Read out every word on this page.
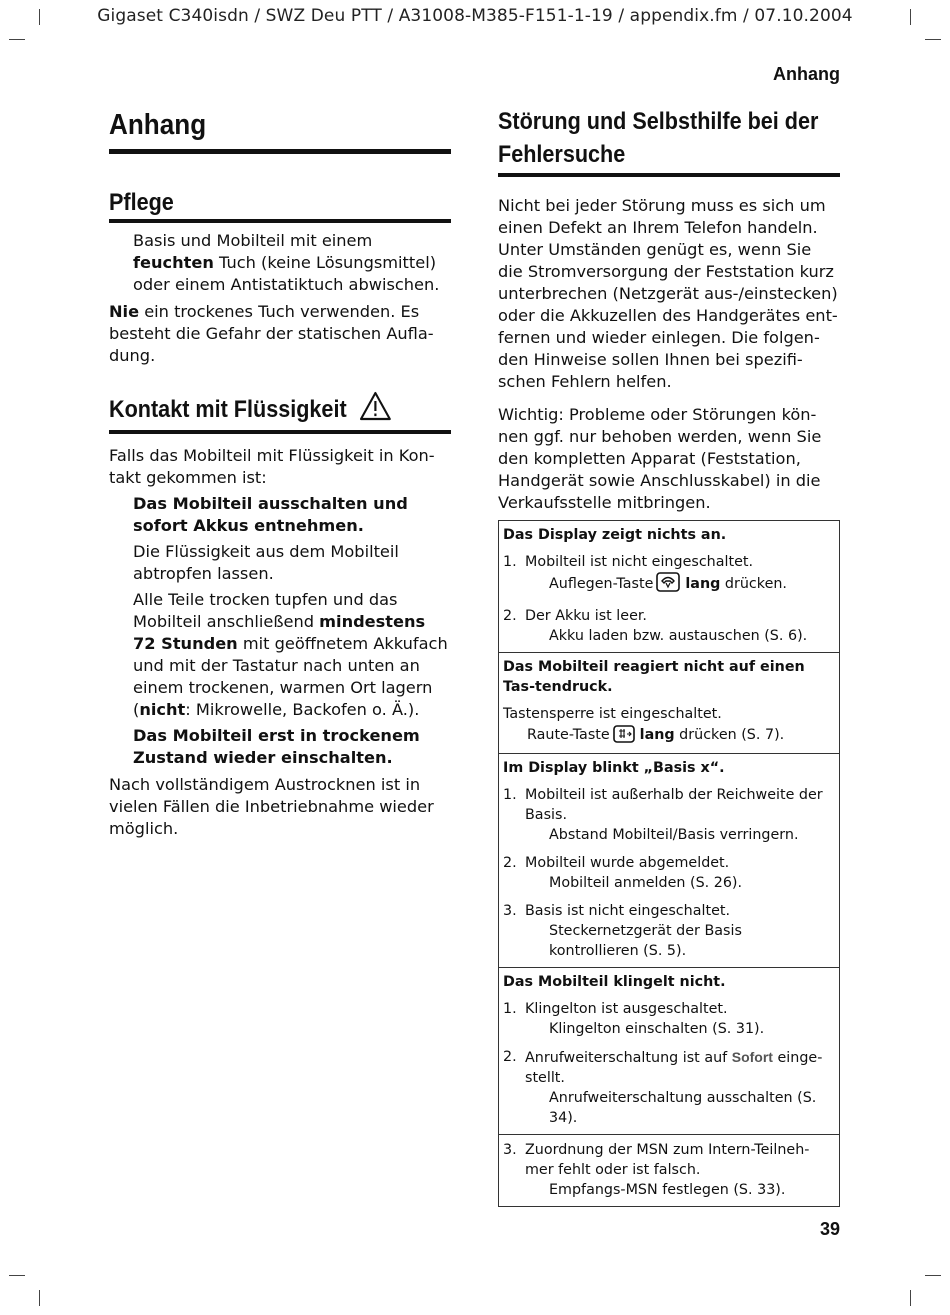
Gigaset C340isdn / SWZ Deu PTT / A31008-M385-F151-1-19 / appendix.fm / 07.10.2004
Anhang
39
Anhang
Pflege

Basis und Mobilteil mit einem feuchten Tuch (keine Lösungsmittel) oder einem Antistatiktuch abwischen.

Nie ein trockenes Tuch verwenden. Es besteht die Gefahr der statischen Aufla-dung.

Kontakt mit Flüssigkeit

Falls das Mobilteil mit Flüssigkeit in Kon-takt gekommen ist:

Das Mobilteil ausschalten und sofort Akkus entnehmen.

Die Flüssigkeit aus dem Mobilteil abtropfen lassen.

Alle Teile trocken tupfen und das Mobilteil anschließend mindestens 72 Stunden mit geöffnetem Akkufach und mit der Tastatur nach unten an einem trockenen, warmen Ort lagern (nicht: Mikrowelle, Backofen o. Ä.).

Das Mobilteil erst in trockenem Zustand wieder einschalten.

Nach vollständigem Austrocknen ist in vielen Fällen die Inbetriebnahme wieder möglich.

Störung und Selbsthilfe bei der
Fehlersuche

Nicht bei jeder Störung muss es sich um einen Defekt an Ihrem Telefon handeln. Unter Umständen genügt es, wenn Sie die Stromversorgung der Feststation kurz unterbrechen (Netzgerät aus-/einstecken) oder die Akkuzellen des Handgerätes ent-fernen und wieder einlegen. Die folgen-den Hinweise sollen Ihnen bei spezifi-schen Fehlern helfen.

Wichtig: Probleme oder Störungen kön-nen ggf. nur behoben werden, wenn Sie den kompletten Apparat (Feststation, Handgerät sowie Anschlusskabel) in die Verkaufsstelle mitbringen.

Das Display zeigt nichts an.
1. Mobilteil ist nicht eingeschaltet.
Auflegen-Taste lang drücken.
2. Der Akku ist leer.
Akku laden bzw. austauschen (S. 6).
Das Mobilteil reagiert nicht auf einen Tas-tendruck.
Tastensperre ist eingeschaltet.
Raute-Taste lang drücken (S. 7).
Im Display blinkt „Basis x“.
1. Mobilteil ist außerhalb der Reichweite der Basis.
Abstand Mobilteil/Basis verringern.
2. Mobilteil wurde abgemeldet.
Mobilteil anmelden (S. 26).
3. Basis ist nicht eingeschaltet.
Steckernetzgerät der Basis kontrollieren (S. 5).
Das Mobilteil klingelt nicht.
1. Klingelton ist ausgeschaltet.
Klingelton einschalten (S. 31).
2. Anrufweiterschaltung ist auf Sofort einge-stellt.
Anrufweiterschaltung ausschalten (S. 34).
3. Zuordnung der MSN zum Intern-Teilneh-mer fehlt oder ist falsch.
Empfangs-MSN festlegen (S. 33).
